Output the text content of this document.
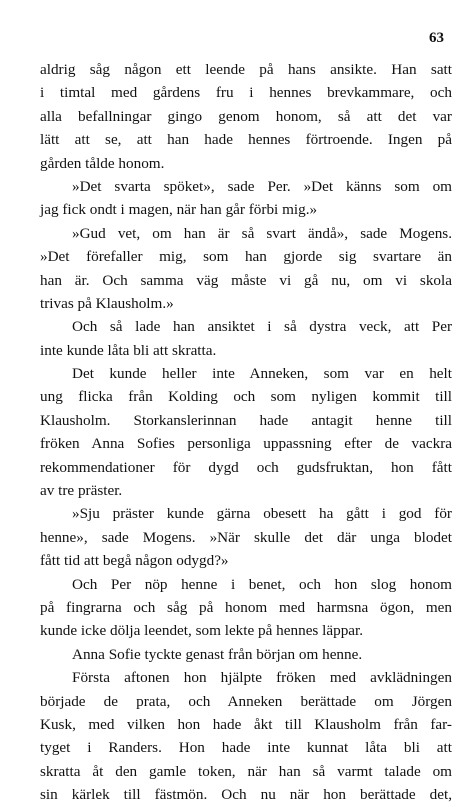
63
aldrig såg någon ett leende på hans ansikte. Han satt
i timtal med gårdens fru i hennes brevkammare, och
alla befallningar gingo genom honom, så att det var
lätt att se, att han hade hennes förtroende. Ingen på
gården tålde honom.
»Det svarta spöket», sade Per. »Det känns som om
jag fick ondt i magen, när han går förbi mig.»
»Gud vet, om han är så svart ändå», sade Mogens.
»Det förefaller mig, som han gjorde sig svartare än
han är. Och samma väg måste vi gå nu, om vi skola
trivas på Klausholm.»
Och så lade han ansiktet i så dystra veck, att Per
inte kunde låta bli att skratta.
Det kunde heller inte Anneken, som var en helt
ung flicka från Kolding och som nyligen kommit till
Klausholm. Storkanslerinnan hade antagit henne till
fröken Anna Sofies personliga uppassning efter de vackra
rekommendationer för dygd och gudsfruktan, hon fått
av tre präster.
»Sju präster kunde gärna obesett ha gått i god för
henne», sade Mogens. »När skulle det där unga blodet
fått tid att begå någon odygd?»
Och Per nöp henne i benet, och hon slog honom
på fingrarna och såg på honom med harmsna ögon, men
kunde icke dölja leendet, som lekte på hennes läppar.
Anna Sofie tyckte genast från början om henne.
Första aftonen hon hjälpte fröken med avklädningen
började de prata, och Anneken berättade om Jörgen
Kusk, med vilken hon hade åkt till Klausholm från far-
tyget i Randers. Hon hade inte kunnat låta bli att
skratta åt den gamle token, när han så varmt talade om
sin kärlek till fästmön. Och nu när hon berättade det,
